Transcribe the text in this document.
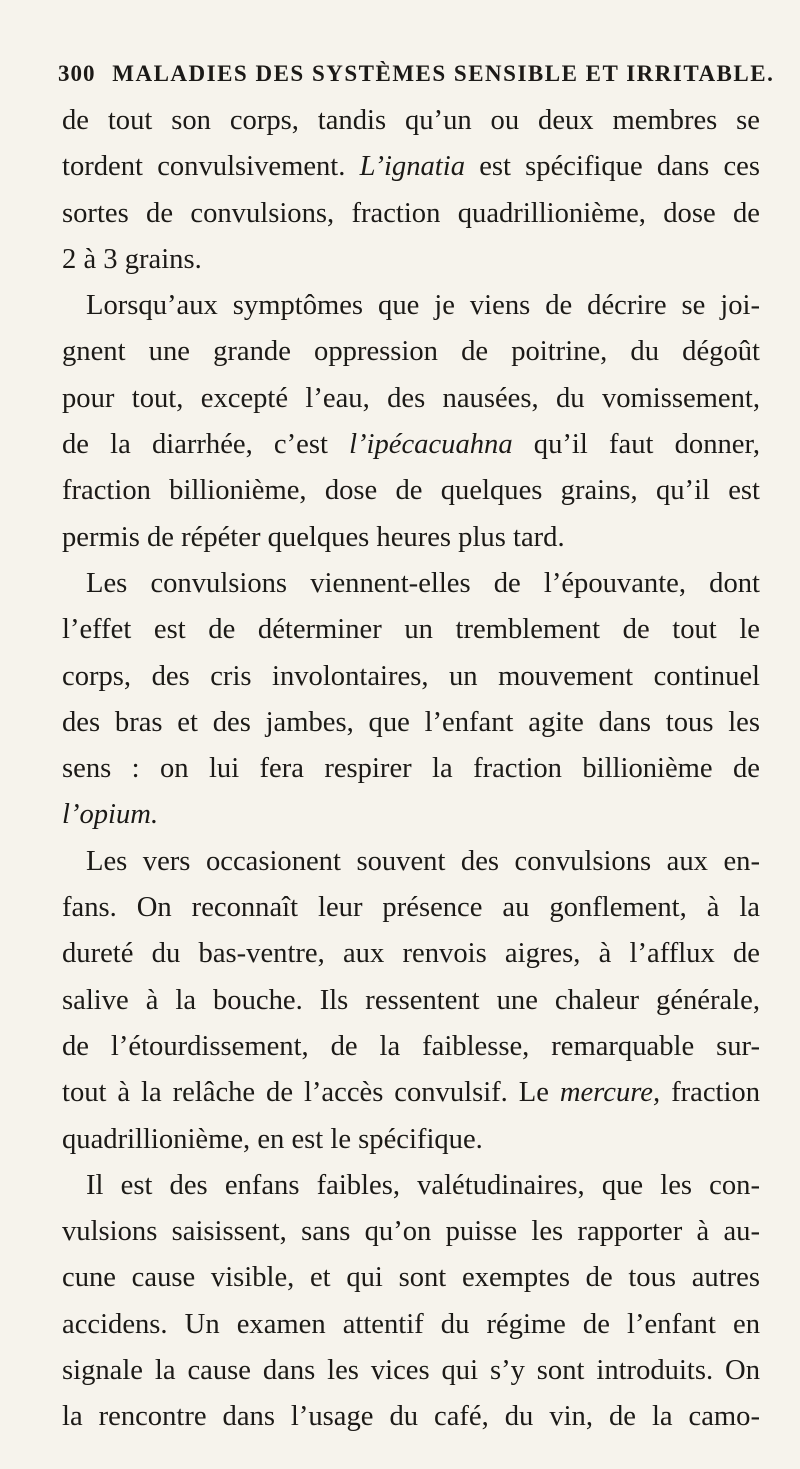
300 MALADIES DES SYSTÈMES SENSIBLE ET IRRITABLE.
de tout son corps, tandis qu’un ou deux membres se
tordent convulsivement. L’ignatia est spécifique dans ces
sortes de convulsions, fraction quadrillionième, dose de
2 à 3 grains.
Lorsqu’aux symptômes que je viens de décrire se joi-
gnent une grande oppression de poitrine, du dégoût
pour tout, excepté l’eau, des nausées, du vomissement,
de la diarrhée, c’est l’ipécacuahna qu’il faut donner,
fraction billionième, dose de quelques grains, qu’il est
permis de répéter quelques heures plus tard.
Les convulsions viennent-elles de l’épouvante, dont
l’effet est de déterminer un tremblement de tout le
corps, des cris involontaires, un mouvement continuel
des bras et des jambes, que l’enfant agite dans tous les
sens : on lui fera respirer la fraction billionième de
l’opium.
Les vers occasionent souvent des convulsions aux en-
fans. On reconnaît leur présence au gonflement, à la
dureté du bas-ventre, aux renvois aigres, à l’afflux de
salive à la bouche. Ils ressentent une chaleur générale,
de l’étourdissement, de la faiblesse, remarquable sur-
tout à la relâche de l’accès convulsif. Le mercure, fraction
quadrillionième, en est le spécifique.
Il est des enfans faibles, valétudinaires, que les con-
vulsions saisissent, sans qu’on puisse les rapporter à au-
cune cause visible, et qui sont exemptes de tous autres
accidens. Un examen attentif du régime de l’enfant en
signale la cause dans les vices qui s’y sont introduits. On
la rencontre dans l’usage du café, du vin, de la camo-
